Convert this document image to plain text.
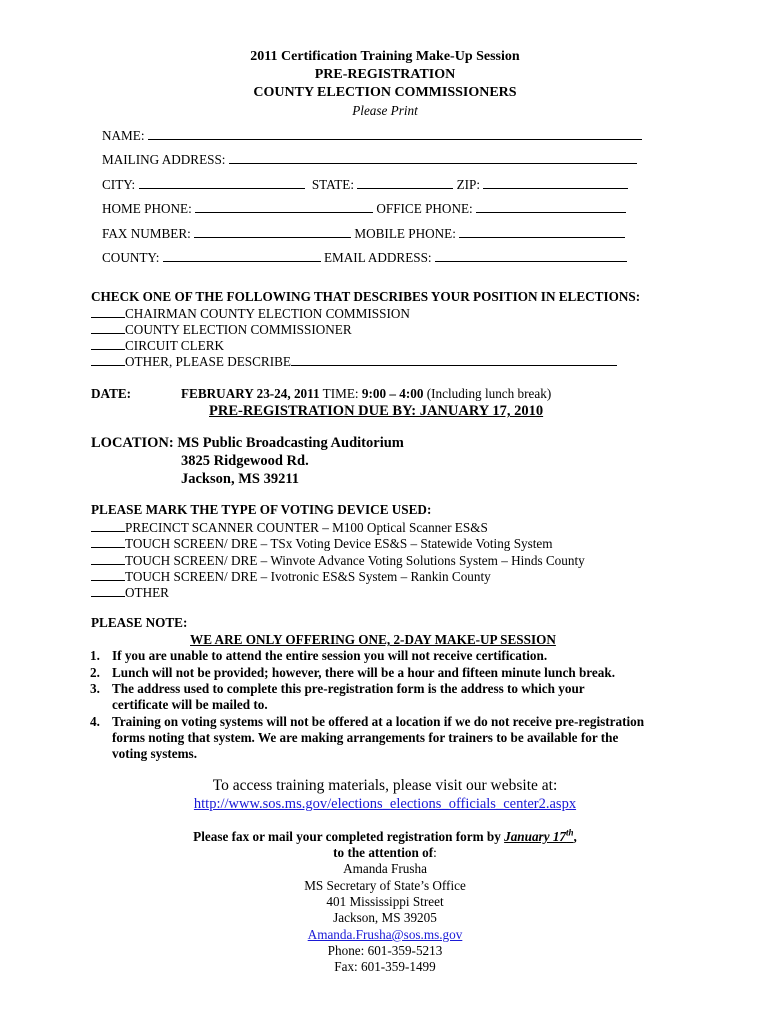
2011 Certification Training Make-Up Session
PRE-REGISTRATION
COUNTY ELECTION COMMISSIONERS
Please Print
NAME:
MAILING ADDRESS:
CITY:	STATE:	ZIP:
HOME PHONE:	OFFICE PHONE:
FAX NUMBER:	MOBILE PHONE:
COUNTY:	EMAIL ADDRESS:
CHECK ONE OF THE FOLLOWING THAT DESCRIBES YOUR POSITION IN ELECTIONS:
CHAIRMAN COUNTY ELECTION COMMISSION
COUNTY ELECTION COMMISSIONER
CIRCUIT CLERK
OTHER, PLEASE DESCRIBE
DATE:	FEBRUARY 23-24, 2011 TIME: 9:00 – 4:00 (Including lunch break)
PRE-REGISTRATION DUE BY: JANUARY 17, 2010
LOCATION: MS Public Broadcasting Auditorium
3825 Ridgewood Rd.
Jackson, MS 39211
PLEASE MARK THE TYPE OF VOTING DEVICE USED:
PRECINCT SCANNER COUNTER – M100 Optical Scanner ES&S
TOUCH SCREEN/ DRE – TSx Voting Device ES&S – Statewide Voting System
TOUCH SCREEN/ DRE – Winvote Advance Voting Solutions System – Hinds County
TOUCH SCREEN/ DRE – Ivotronic ES&S System – Rankin County
OTHER
PLEASE NOTE:
WE ARE ONLY OFFERING ONE, 2-DAY MAKE-UP SESSION
1. If you are unable to attend the entire session you will not receive certification.
2. Lunch will not be provided; however, there will be a hour and fifteen minute lunch break.
3. The address used to complete this pre-registration form is the address to which your certificate will be mailed to.
4. Training on voting systems will not be offered at a location if we do not receive pre-registration forms noting that system. We are making arrangements for trainers to be available for the voting systems.
To access training materials, please visit our website at:
http://www.sos.ms.gov/elections_elections_officials_center2.aspx
Please fax or mail your completed registration form by January 17th,
to the attention of:
Amanda Frusha
MS Secretary of State’s Office
401 Mississippi Street
Jackson, MS 39205
Amanda.Frusha@sos.ms.gov
Phone: 601-359-5213
Fax: 601-359-1499
